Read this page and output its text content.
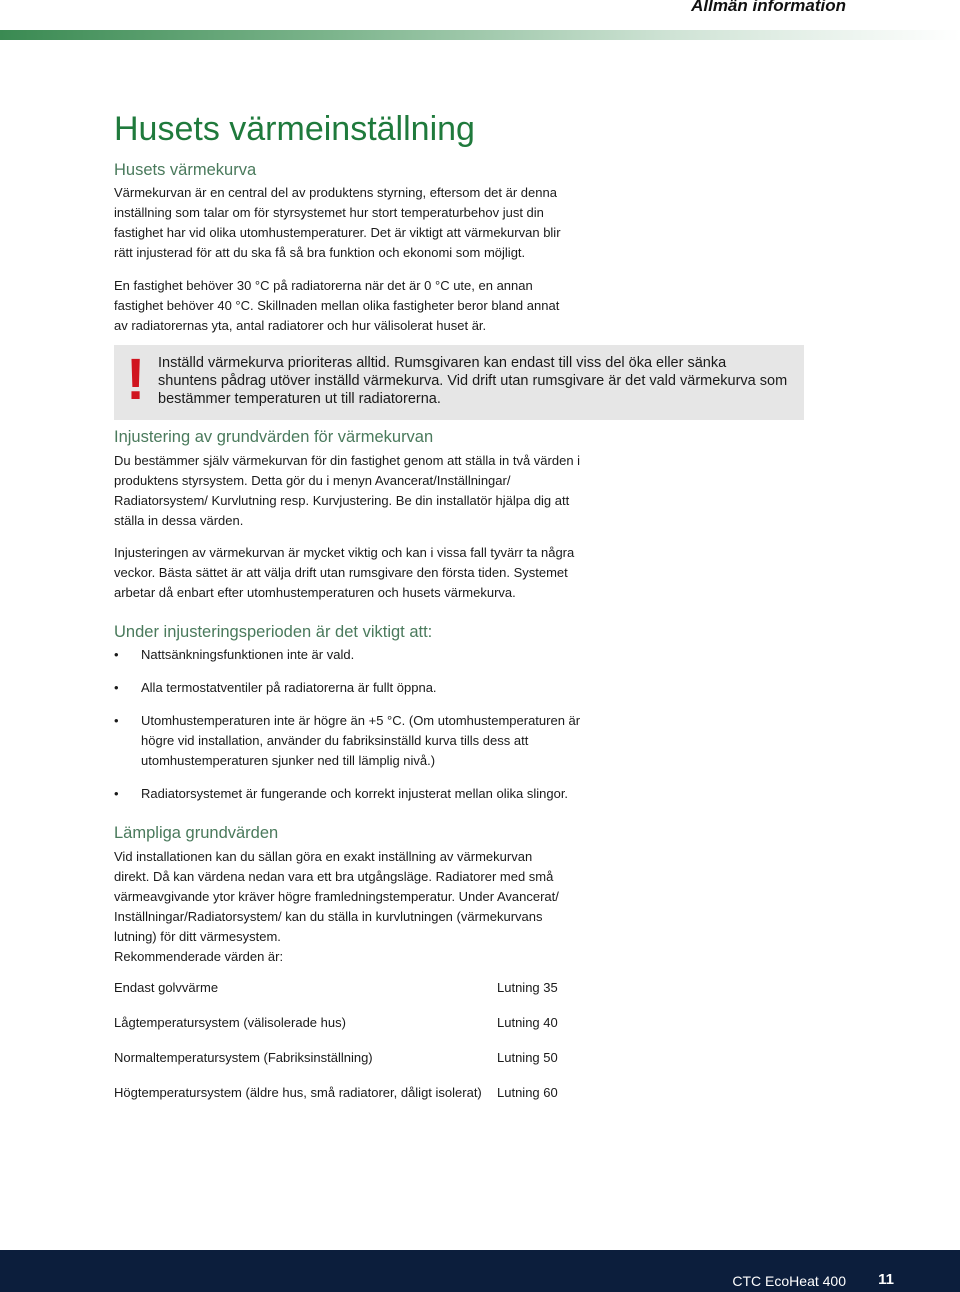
Allmän information
Husets värmeinställning
Husets värmekurva

Värmekurvan är en central del av produktens styrning, eftersom det är denna inställning som talar om för styrsystemet hur stort temperaturbehov just din fastighet har vid olika utomhustemperaturer. Det är viktigt att värmekurvan blir rätt injusterad för att du ska få så bra funktion och ekonomi som möjligt.

En fastighet behöver 30 °C på radiatorerna när det är 0 °C ute, en annan fastighet behöver 40 °C. Skillnaden mellan olika fastigheter beror bland annat av radiatorernas yta, antal radiatorer och hur välisolerat huset är.

! Inställd värmekurva prioriteras alltid. Rumsgivaren kan endast till viss del öka eller sänka shuntens pådrag utöver inställd värmekurva. Vid drift utan rumsgivare är det vald värmekurva som bestämmer temperaturen ut till radiatorerna.
Injustering av grundvärden för värmekurvan

Du bestämmer själv värmekurvan för din fastighet genom att ställa in två värden i produktens styrsystem. Detta gör du i menyn Avancerat/Inställningar/ Radiatorsystem/ Kurvlutning resp. Kurvjustering. Be din installatör hjälpa dig att ställa in dessa värden.

Injusteringen av värmekurvan är mycket viktig och kan i vissa fall tyvärr ta några veckor. Bästa sättet är att välja drift utan rumsgivare den första tiden. Systemet arbetar då enbart efter utomhustemperaturen och husets värmekurva.

Under injusteringsperioden är det viktigt att:
• Nattsänkningsfunktionen inte är vald.
• Alla termostatventiler på radiatorerna är fullt öppna.
• Utomhustemperaturen inte är högre än +5 °C. (Om utomhustemperaturen är högre vid installation, använder du fabriksinställd kurva tills dess att utomhustemperaturen sjunker ned till lämplig nivå.)
• Radiatorsystemet är fungerande och korrekt injusterat mellan olika slingor.
Lämpliga grundvärden

Vid installationen kan du sällan göra en exakt inställning av värmekurvan direkt. Då kan värdena nedan vara ett bra utgångsläge. Radiatorer med små värmeavgivande ytor kräver högre framledningstemperatur. Under Avancerat/ Inställningar/Radiatorsystem/ kan du ställa in kurvlutningen (värmekurvans lutning) för ditt värmesystem.

Rekommenderade värden är:

Endast golvvärme	Lutning 35
Lågtemperatursystem (välisolerade hus)	Lutning 40
Normaltemperatursystem (Fabriksinställning)	Lutning 50
Högtemperatursystem (äldre hus, små radiatorer, dåligt isolerat)	Lutning 60
CTC EcoHeat 400 11
